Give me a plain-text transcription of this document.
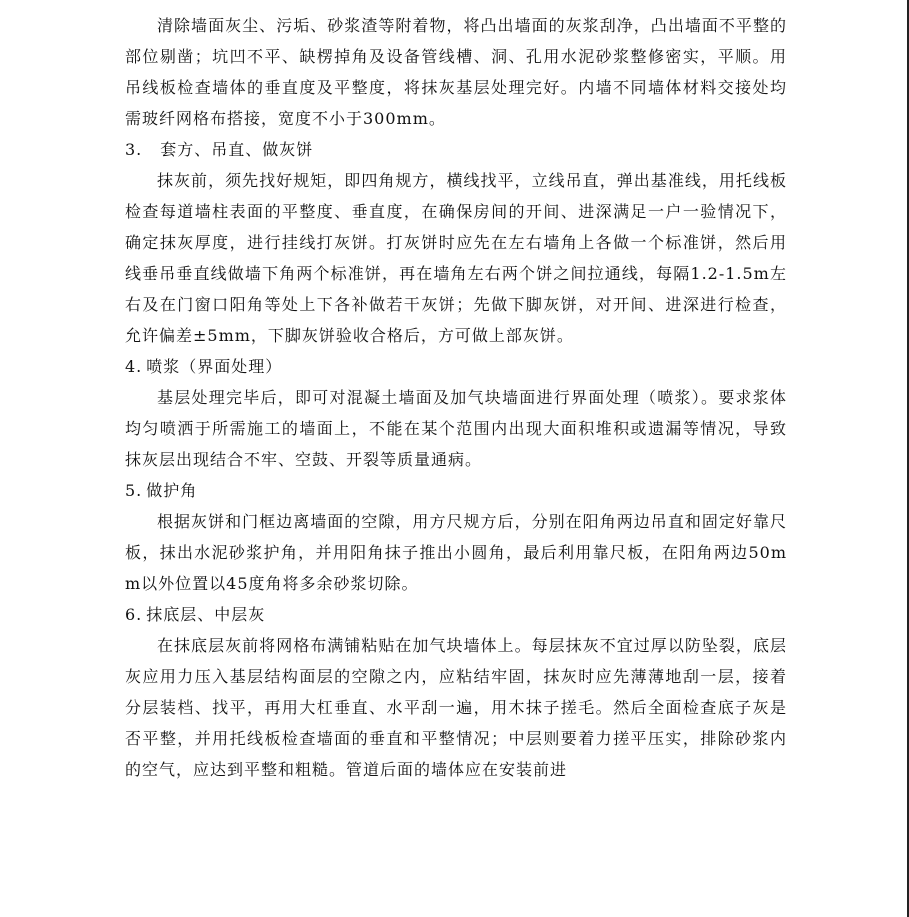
清除墙面灰尘、污垢、砂浆渣等附着物，将凸出墙面的灰浆刮净，凸出墙面不平整的部位剔凿；坑凹不平、缺楞掉角及设备管线槽、洞、孔用水泥砂浆整修密实，平顺。用吊线板检查墙体的垂直度及平整度，将抹灰基层处理完好。内墙不同墙体材料交接处均需玻纤网格布搭接，宽度不小于300mm。

3. 套方、吊直、做灰饼

抹灰前，须先找好规矩，即四角规方，横线找平，立线吊直，弹出基准线，用托线板检查每道墙柱表面的平整度、垂直度，在确保房间的开间、进深满足一户一验情况下，确定抹灰厚度，进行挂线打灰饼。打灰饼时应先在左右墙角上各做一个标准饼，然后用线垂吊垂直线做墙下角两个标准饼，再在墙角左右两个饼之间拉通线，每隔1.2-1.5m左右及在门窗口阳角等处上下各补做若干灰饼；先做下脚灰饼，对开间、进深进行检查，允许偏差±5mm，下脚灰饼验收合格后，方可做上部灰饼。

4. 喷浆（界面处理）

基层处理完毕后，即可对混凝土墙面及加气块墙面进行界面处理（喷浆）。要求浆体均匀喷洒于所需施工的墙面上，不能在某个范围内出现大面积堆积或遗漏等情况，导致抹灰层出现结合不牢、空鼓、开裂等质量通病。

5. 做护角

根据灰饼和门框边离墙面的空隙，用方尺规方后，分别在阳角两边吊直和固定好靠尺板，抹出水泥砂浆护角，并用阳角抹子推出小圆角，最后利用靠尺板，在阳角两边50mm以外位置以45度角将多余砂浆切除。

6. 抹底层、中层灰

在抹底层灰前将网格布满铺粘贴在加气块墙体上。每层抹灰不宜过厚以防坠裂，底层灰应用力压入基层结构面层的空隙之内，应粘结牢固，抹灰时应先薄薄地刮一层，接着分层装档、找平，再用大杠垂直、水平刮一遍，用木抹子搓毛。然后全面检查底子灰是否平整，并用托线板检查墙面的垂直和平整情况；中层则要着力搓平压实，排除砂浆内的空气，应达到平整和粗糙。管道后面的墙体应在安装前进
